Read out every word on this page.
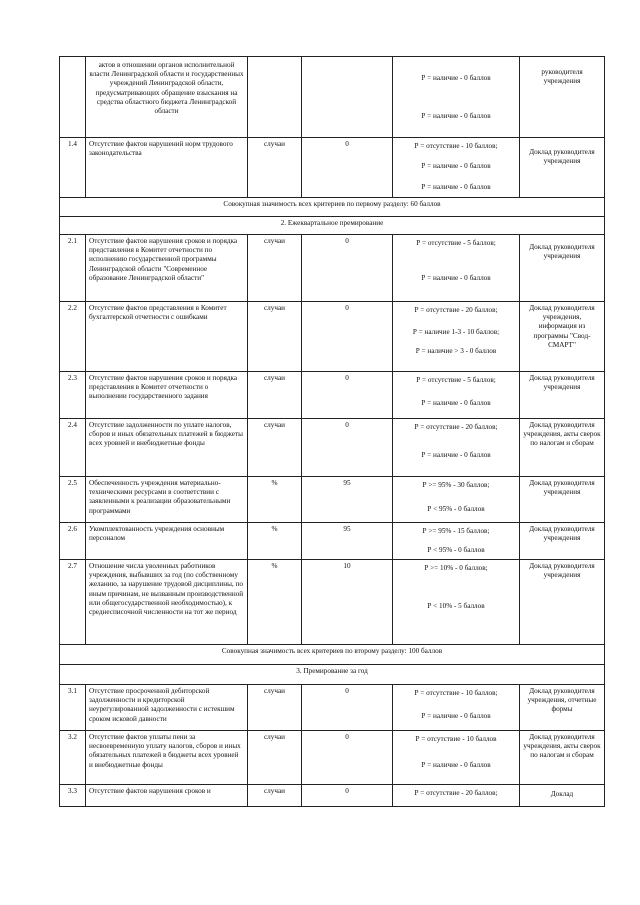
	актов в отношении органов исполнительной власти Ленинградской области и государственных учреждений Ленинградской области, предусматривающих обращение взыскания на средства областного бюджета Ленинградской области			Р = наличие - 0 баллов
Р = наличие - 0 баллов	руководителя учреждения
1.4	Отсутствие фактов нарушений норм трудового законодательства	случаи	0	Р = отсутствие - 10 баллов;
Р = наличие - 0 баллов
Р = наличие - 0 баллов	Доклад руководителя учреждения
Совокупная значимость всех критериев по первому разделу: 60 баллов					
2. Ежеквартальное премирование					
2.1	Отсутствие фактов нарушения сроков и порядка представления в Комитет отчетности по исполнению государственной программы Ленинградской области "Современное образование Ленинградской области"	случаи	0	Р = отсутствие - 5 баллов;
Р = наличие - 0 баллов	Доклад руководителя учреждения
2.2	Отсутствие фактов представления в Комитет бухгалтерской отчетности с ошибками	случаи	0	Р = отсутствие - 20 баллов;
Р = наличие 1-3 - 10 баллов;
Р = наличие > 3 - 0 баллов	Доклад руководителя учреждения, информация из программы "Свод-СМАРТ"
2.3	Отсутствие фактов нарушения сроков и порядка представления в Комитет отчетности о выполнении государственного задания	случаи	0	Р = отсутствие - 5 баллов;
Р = наличие - 0 баллов	Доклад руководителя учреждения
2.4	Отсутствие задолженности по уплате налогов, сборов и иных обязательных платежей в бюджеты всех уровней и внебюджетные фонды	случаи	0	Р = отсутствие - 20 баллов;
Р = наличие - 0 баллов	Доклад руководителя учреждения, акты сверок по налогам и сборам
2.5	Обеспеченность учреждения материально-техническими ресурсами в соответствии с заявленными к реализации образовательными программами	%	95	Р >= 95% - 30 баллов;
Р < 95% - 0 баллов	Доклад руководителя учреждения
2.6	Укомплектованность учреждения основным персоналом	%	95	Р >= 95% - 15 баллов;
Р < 95% - 0 баллов	Доклад руководителя учреждения
2.7	Отношение числа уволенных работников учреждения, выбывших за год (по собственному желанию, за нарушение трудовой дисциплины, по иным причинам, не вызванным производственной или общегосударственной необходимостью), к среднесписочной численности на тот же период	%	10	Р >= 10% - 0 баллов;
Р < 10% - 5 баллов	Доклад руководителя учреждения
Совокупная значимость всех критериев по второму разделу: 100 баллов					
3. Премирование за год					
3.1	Отсутствие просроченной дебиторской задолженности и кредиторской неурегулированной задолженности с истекшим сроком исковой давности	случаи	0	Р = отсутствие - 10 баллов;
Р = наличие - 0 баллов	Доклад руководителя учреждения, отчетные формы
3.2	Отсутствие фактов уплаты пени за несвоевременную уплату налогов, сборов и иных обязательных платежей в бюджеты всех уровней и внебюджетные фонды	случаи	0	Р = отсутствие - 10 баллов
Р = наличие - 0 баллов	Доклад руководителя учреждения, акты сверок по налогам и сборам
3.3	Отсутствие фактов нарушения сроков и	случаи	0	Р = отсутствие - 20 баллов;	Доклад
